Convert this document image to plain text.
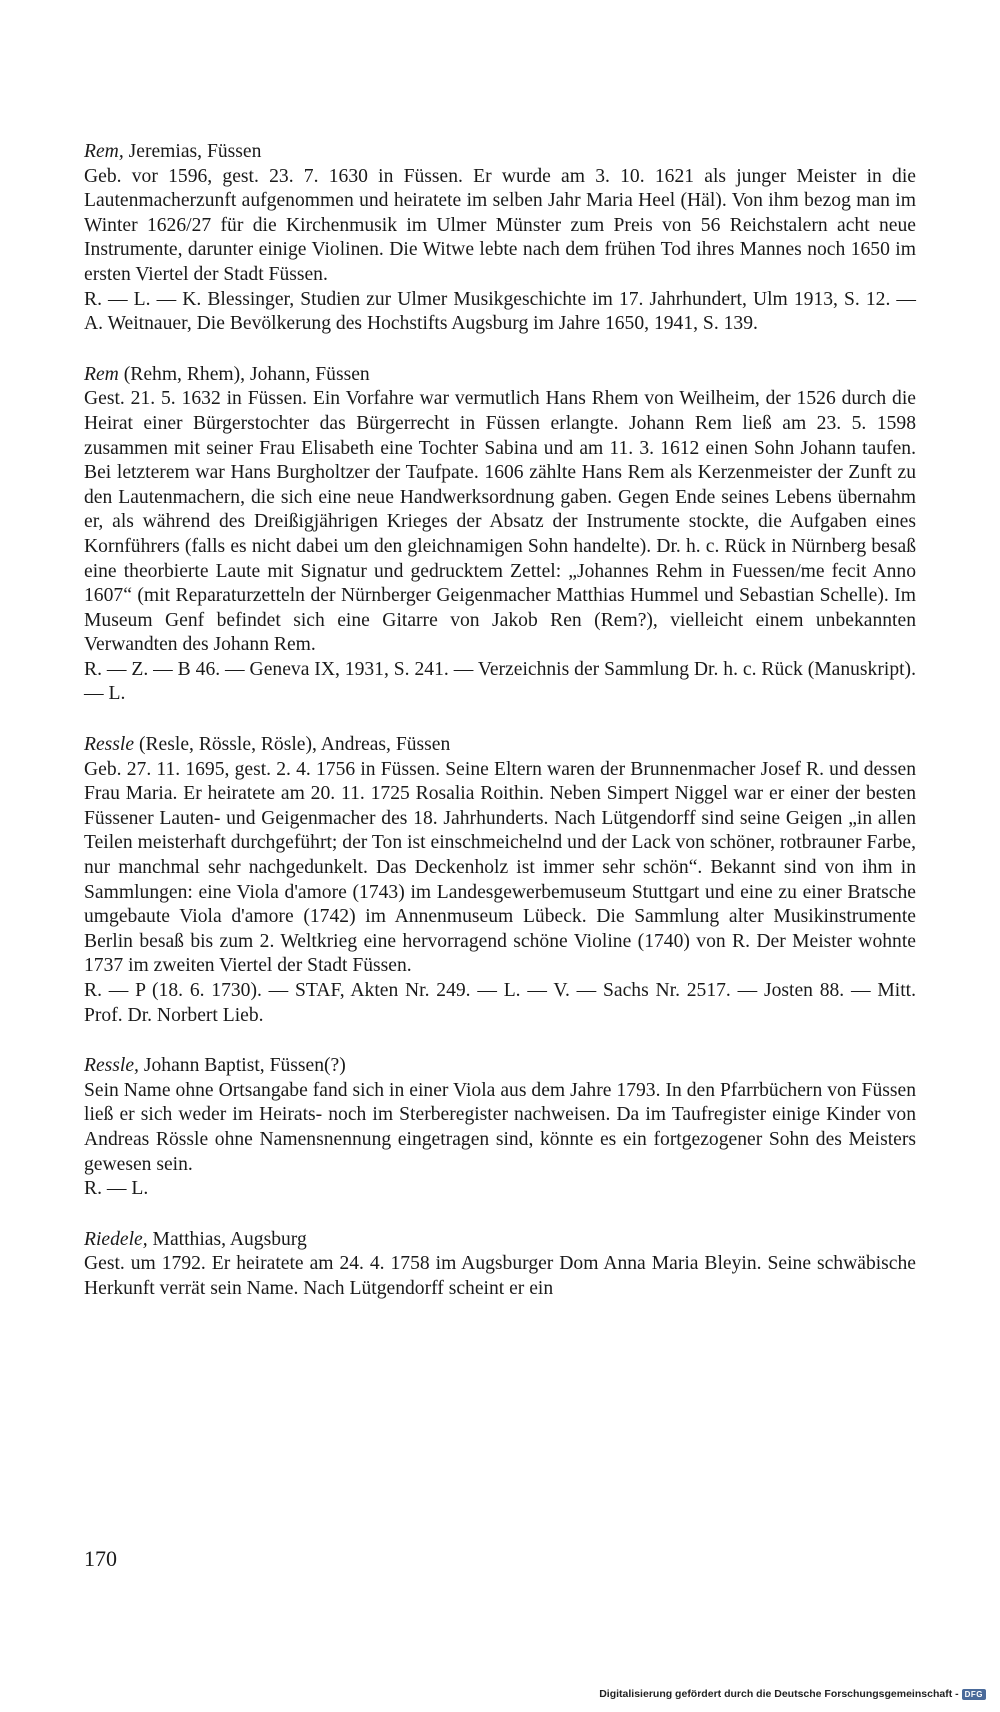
Rem, Jeremias, Füssen

Geb. vor 1596, gest. 23. 7. 1630 in Füssen. Er wurde am 3. 10. 1621 als junger Meister in die Lautenmacherzunft aufgenommen und heiratete im selben Jahr Maria Heel (Häl). Von ihm bezog man im Winter 1626/27 für die Kirchenmusik im Ulmer Münster zum Preis von 56 Reichstalern acht neue Instrumente, darunter einige Violinen. Die Witwe lebte nach dem frühen Tod ihres Mannes noch 1650 im ersten Viertel der Stadt Füssen.

R. — L. — K. Blessinger, Studien zur Ulmer Musikgeschichte im 17. Jahrhundert, Ulm 1913, S. 12. — A. Weitnauer, Die Bevölkerung des Hochstifts Augsburg im Jahre 1650, 1941, S. 139.

Rem (Rehm, Rhem), Johann, Füssen

Gest. 21. 5. 1632 in Füssen. Ein Vorfahre war vermutlich Hans Rhem von Weilheim, der 1526 durch die Heirat einer Bürgerstochter das Bürgerrecht in Füssen erlangte. Johann Rem ließ am 23. 5. 1598 zusammen mit seiner Frau Elisabeth eine Tochter Sabina und am 11. 3. 1612 einen Sohn Johann taufen. Bei letzterem war Hans Burgholtzer der Taufpate. 1606 zählte Hans Rem als Kerzenmeister der Zunft zu den Lautenmachern, die sich eine neue Handwerksordnung gaben. Gegen Ende seines Lebens übernahm er, als während des Dreißigjährigen Krieges der Absatz der Instrumente stockte, die Aufgaben eines Kornführers (falls es nicht dabei um den gleichnamigen Sohn handelte). Dr. h. c. Rück in Nürnberg besaß eine theorbierte Laute mit Signatur und gedrucktem Zettel: „Johannes Rehm in Fuessen/me fecit Anno 1607“ (mit Reparaturzetteln der Nürnberger Geigenmacher Matthias Hummel und Sebastian Schelle). Im Museum Genf befindet sich eine Gitarre von Jakob Ren (Rem?), vielleicht einem unbekannten Verwandten des Johann Rem.

R. — Z. — B 46. — Geneva IX, 1931, S. 241. — Verzeichnis der Sammlung Dr. h. c. Rück (Manuskript). — L.

Ressle (Resle, Rössle, Rösle), Andreas, Füssen

Geb. 27. 11. 1695, gest. 2. 4. 1756 in Füssen. Seine Eltern waren der Brunnenmacher Josef R. und dessen Frau Maria. Er heiratete am 20. 11. 1725 Rosalia Roithin. Neben Simpert Niggel war er einer der besten Füssener Lauten- und Geigenmacher des 18. Jahrhunderts. Nach Lütgendorff sind seine Geigen „in allen Teilen meisterhaft durchgeführt; der Ton ist einschmeichelnd und der Lack von schöner, rotbrauner Farbe, nur manchmal sehr nachgedunkelt. Das Deckenholz ist immer sehr schön“. Bekannt sind von ihm in Sammlungen: eine Viola d'amore (1743) im Landesgewerbemuseum Stuttgart und eine zu einer Bratsche umgebaute Viola d'amore (1742) im Annenmuseum Lübeck. Die Sammlung alter Musikinstrumente Berlin besaß bis zum 2. Weltkrieg eine hervorragend schöne Violine (1740) von R. Der Meister wohnte 1737 im zweiten Viertel der Stadt Füssen.

R. — P (18. 6. 1730). — STAF, Akten Nr. 249. — L. — V. — Sachs Nr. 2517. — Josten 88. — Mitt. Prof. Dr. Norbert Lieb.

Ressle, Johann Baptist, Füssen(?)

Sein Name ohne Ortsangabe fand sich in einer Viola aus dem Jahre 1793. In den Pfarrbüchern von Füssen ließ er sich weder im Heirats- noch im Sterberegister nachweisen. Da im Taufregister einige Kinder von Andreas Rössle ohne Namensnennung eingetragen sind, könnte es ein fortgezogener Sohn des Meisters gewesen sein.

R. — L.

Riedele, Matthias, Augsburg

Gest. um 1792. Er heiratete am 24. 4. 1758 im Augsburger Dom Anna Maria Bleyin. Seine schwäbische Herkunft verrät sein Name. Nach Lütgendorff scheint er ein

170
Digitalisierung gefördert durch die Deutsche Forschungsgemeinschaft - DFG
